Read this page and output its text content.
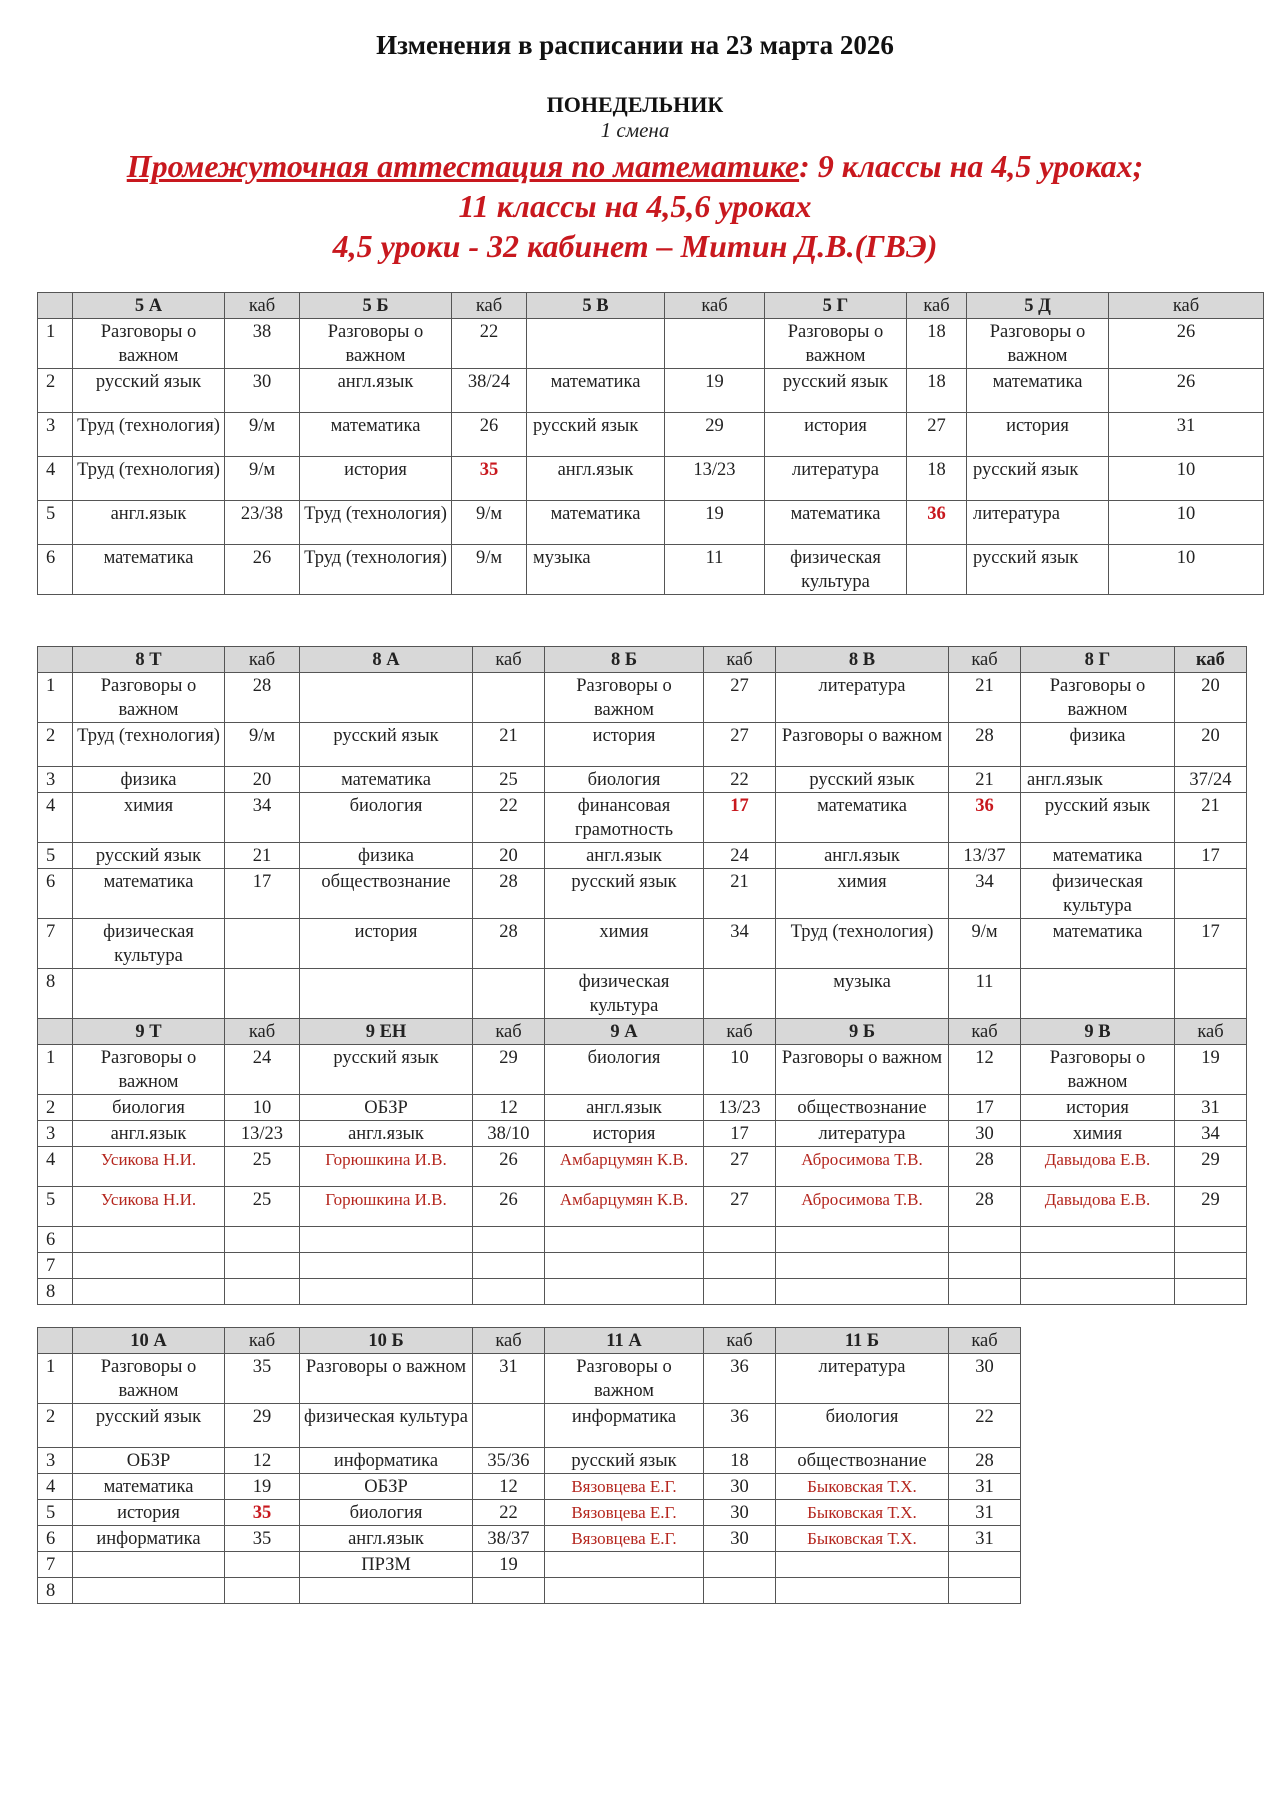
Изменения в расписании на 23 марта 2026
ПОНЕДЕЛЬНИК
1 смена
Промежуточная аттестация по математике: 9 классы на 4,5 уроках;
11 классы на 4,5,6 уроках
4,5 уроки - 32 кабинет – Митин Д.В.(ГВЭ)
	5 А	каб	5 Б	каб	5 В	каб	5 Г	каб	5 Д	каб
1	Разговоры о важном	38	Разговоры о важном	22			Разговоры о важном	18	Разговоры о важном	26
2	русский язык	30	англ.язык	38/24	математика	19	русский язык	18	математика	26
3	Труд (технология)	9/м	математика	26	русский язык	29	история	27	история	31
4	Труд (технология)	9/м	история	35	англ.язык	13/23	литература	18	русский язык	10
5	англ.язык	23/38	Труд (технология)	9/м	математика	19	математика	36	литература	10
6	математика	26	Труд (технология)	9/м	музыка	11	физическая культура		русский язык	10
	8 Т	каб	8 А	каб	8 Б	каб	8 В	каб	8 Г	каб
1	Разговоры о важном	28			Разговоры о важном	27	литература	21	Разговоры о важном	20
2	Труд (технология)	9/м	русский язык	21	история	27	Разговоры о важном	28	физика	20
3	физика	20	математика	25	биология	22	русский язык	21	англ.язык	37/24
4	химия	34	биология	22	финансовая грамотность	17	математика	36	русский язык	21
5	русский язык	21	физика	20	англ.язык	24	англ.язык	13/37	математика	17
6	математика	17	обществознание	28	русский язык	21	химия	34	физическая культура	
7	физическая культура		история	28	химия	34	Труд (технология)	9/м	математика	17
8					физическая культура		музыка	11		
	9 Т	каб	9 ЕН	каб	9 А	каб	9 Б	каб	9 В	каб
1	Разговоры о важном	24	русский язык	29	биология	10	Разговоры о важном	12	Разговоры о важном	19
2	биология	10	ОБЗР	12	англ.язык	13/23	обществознание	17	история	31
3	англ.язык	13/23	англ.язык	38/10	история	17	литература	30	химия	34
4	Усикова Н.И.	25	Горюшкина И.В.	26	Амбарцумян К.В.	27	Абросимова Т.В.	28	Давыдова Е.В.	29
5	Усикова Н.И.	25	Горюшкина И.В.	26	Амбарцумян К.В.	27	Абросимова Т.В.	28	Давыдова Е.В.	29
6										
7										
8										
	10 А	каб	10 Б	каб	11 А	каб	11 Б	каб
1	Разговоры о важном	35	Разговоры о важном	31	Разговоры о важном	36	литература	30
2	русский язык	29	физическая культура		информатика	36	биология	22
3	ОБЗР	12	информатика	35/36	русский язык	18	обществознание	28
4	математика	19	ОБЗР	12	Вязовцева Е.Г.	30	Быковская Т.Х.	31
5	история	35	биология	22	Вязовцева Е.Г.	30	Быковская Т.Х.	31
6	информатика	35	англ.язык	38/37	Вязовцева Е.Г.	30	Быковская Т.Х.	31
7			ПРЗМ	19				
8								
